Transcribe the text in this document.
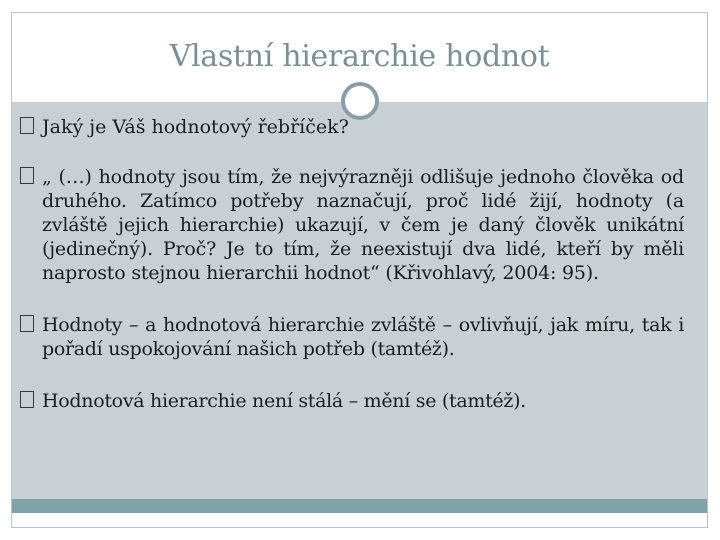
Vlastní hierarchie hodnot
Jaký je Váš hodnotový řebříček?
„ (…) hodnoty jsou tím, že nejvýrazněji odlišuje jednoho člověka od druhého. Zatímco potřeby naznačují, proč lidé žijí, hodnoty (a zvláště jejich hierarchie) ukazují, v čem je daný člověk unikátní (jedinečný). Proč? Je to tím, že neexistují dva lidé, kteří by měli naprosto stejnou hierarchii hodnot“ (Křivohlavý, 2004: 95).
Hodnoty – a hodnotová hierarchie zvláště – ovlivňují, jak míru, tak i pořadí uspokojování našich potřeb (tamtéž).
Hodnotová hierarchie není stálá – mění se (tamtéž).
